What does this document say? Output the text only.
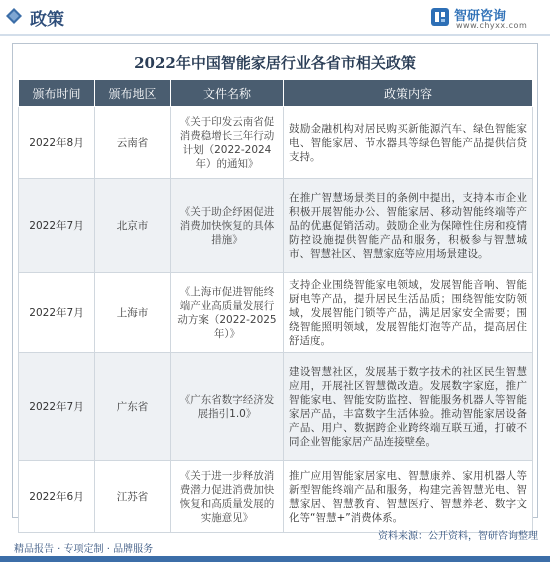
政策	智研咨询
www.chyxx.com
2022年中国智能家居行业各省市相关政策
颁布时间	颁布地区	文件名称	政策内容
2022年8月	云南省	《关于印发云南省促消费稳增长三年行动计划（2022-2024年）的通知》	鼓励金融机构对居民购买新能源汽车、绿色智能家电、智能家居、节水器具等绿色智能产品提供信贷支持。
2022年7月	北京市	《关于助企纾困促进消费加快恢复的具体措施》	在推广智慧场景类目的条例中提出，支持本市企业积极开展智能办公、智能家居、移动智能终端等产品的优惠促销活动。鼓励企业为保障性住房和疫情防控设施提供智能产品和服务，积极参与智慧城市、智慧社区、智慧家庭等应用场景建设。
2022年7月	上海市	《上海市促进智能终端产业高质量发展行动方案（2022-2025年）》	支持企业围绕智能家电领域，发展智能音响、智能厨电等产品，提升居民生活品质；围绕智能安防领域，发展智能门锁等产品，满足居家安全需要；围绕智能照明领域，发展智能灯泡等产品，提高居住舒适度。
2022年7月	广东省	《广东省数字经济发展指引1.0》	建设智慧社区，发展基于数字技术的社区民生智慧应用，开展社区智慧微改造。发展数字家庭，推广智能家电、智能安防监控、智能服务机器人等智能家居产品，丰富数字生活体验。推动智能家居设备产品、用户、数据跨企业跨终端互联互通，打破不同企业智能家居产品连接壁垒。
2022年6月	江苏省	《关于进一步释放消费潜力促进消费加快恢复和高质量发展的实施意见》	推广应用智能家居家电、智慧康养、家用机器人等新型智能终端产品和服务，构建完善智慧光电、智慧家居、智慧教育、智慧医疗、智慧养老、数字文化等“智慧+”消费体系。
资料来源：公开资料，智研咨询整理
精品报告 · 专项定制 · 品牌服务
